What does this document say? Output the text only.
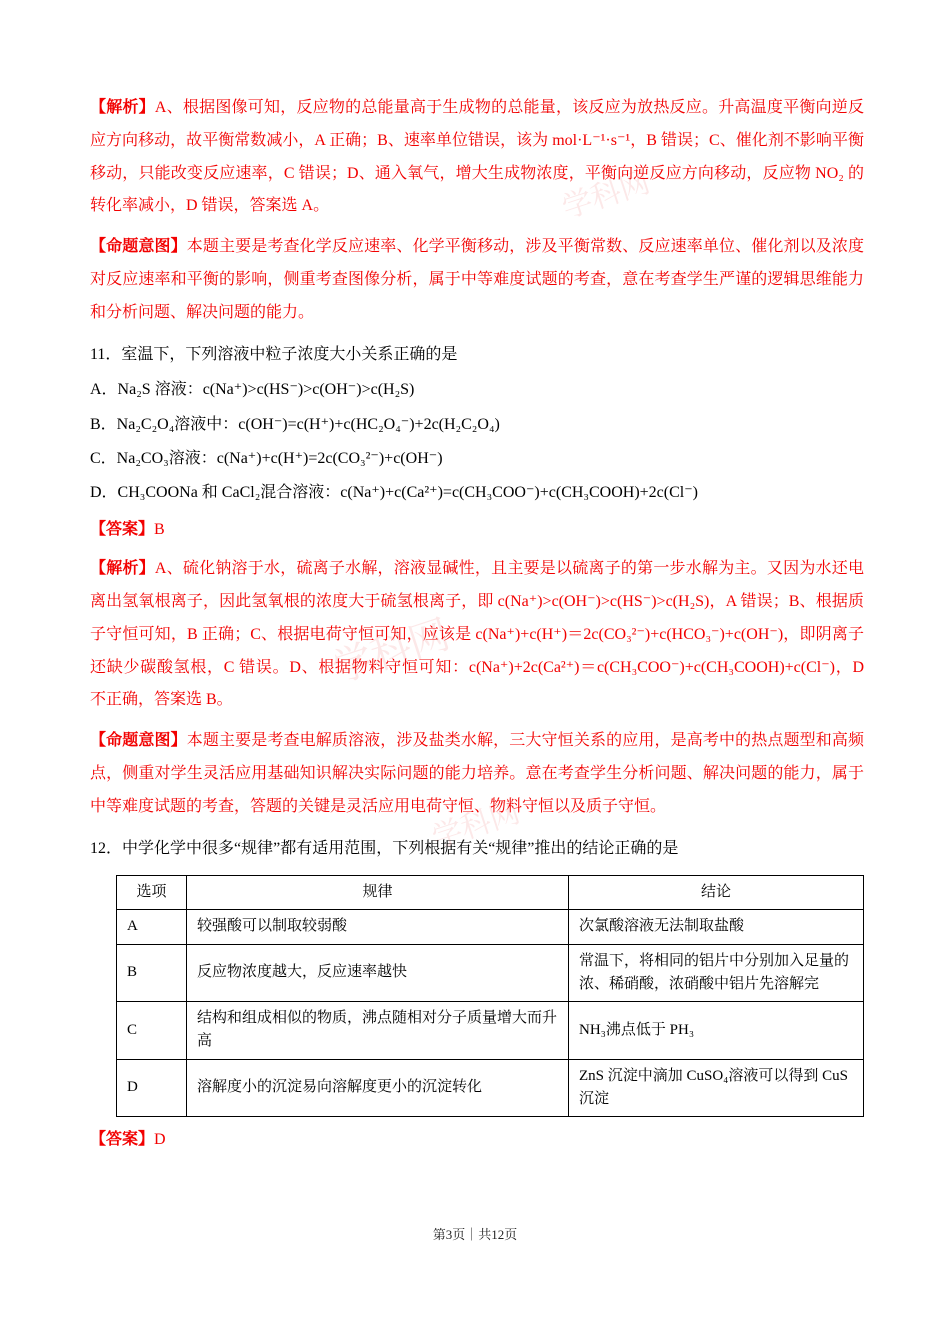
学科网
学科网
学科网

【解析】A、根据图像可知，反应物的总能量高于生成物的总能量，该反应为放热反应。升高温度平衡向逆反应方向移动，故平衡常数减小，A 正确；B、速率单位错误，该为 mol·L⁻¹·s⁻¹，B 错误；C、催化剂不影响平衡移动，只能改变反应速率，C 错误；D、通入氧气，增大生成物浓度，平衡向逆反应方向移动，反应物 NO₂ 的转化率减小，D 错误，答案选 A。

【命题意图】本题主要是考查化学反应速率、化学平衡移动，涉及平衡常数、反应速率单位、催化剂以及浓度对反应速率和平衡的影响，侧重考查图像分析，属于中等难度试题的考查，意在考查学生严谨的逻辑思维能力和分析问题、解决问题的能力。

11．室温下，下列溶液中粒子浓度大小关系正确的是

A．Na₂S 溶液：c(Na⁺)>c(HS⁻)>c(OH⁻)>c(H₂S)

B．Na₂C₂O₄溶液中：c(OH⁻)=c(H⁺)+c(HC₂O₄⁻)+2c(H₂C₂O₄)

C．Na₂CO₃溶液：c(Na⁺)+c(H⁺)=2c(CO₃²⁻)+c(OH⁻)

D．CH₃COONa 和 CaCl₂混合溶液：c(Na⁺)+c(Ca²⁺)=c(CH₃COO⁻)+c(CH₃COOH)+2c(Cl⁻)

【答案】B

【解析】A、硫化钠溶于水，硫离子水解，溶液显碱性，且主要是以硫离子的第一步水解为主。又因为水还电离出氢氧根离子，因此氢氧根的浓度大于硫氢根离子，即 c(Na⁺)>c(OH⁻)>c(HS⁻)>c(H₂S)，A 错误；B、根据质子守恒可知，B 正确；C、根据电荷守恒可知，应该是 c(Na⁺)+c(H⁺)＝2c(CO₃²⁻)+c(HCO₃⁻)+c(OH⁻)，即阴离子还缺少碳酸氢根，C 错误。D、根据物料守恒可知：c(Na⁺)+2c(Ca²⁺)＝c(CH₃COO⁻)+c(CH₃COOH)+c(Cl⁻)，D 不正确，答案选 B。

【命题意图】本题主要是考查电解质溶液，涉及盐类水解，三大守恒关系的应用，是高考中的热点题型和高频点，侧重对学生灵活应用基础知识解决实际问题的能力培养。意在考查学生分析问题、解决问题的能力，属于中等难度试题的考查，答题的关键是灵活应用电荷守恒、物料守恒以及质子守恒。

12．中学化学中很多“规律”都有适用范围，下列根据有关“规律”推出的结论正确的是

选项	规律	结论
A	较强酸可以制取较弱酸	次氯酸溶液无法制取盐酸
B	反应物浓度越大，反应速率越快	常温下，将相同的铝片中分别加入足量的浓、稀硝酸，浓硝酸中铝片先溶解完
C	结构和组成相似的物质，沸点随相对分子质量增大而升高	NH₃沸点低于 PH₃
D	溶解度小的沉淀易向溶解度更小的沉淀转化	ZnS 沉淀中滴加 CuSO₄溶液可以得到 CuS 沉淀

【答案】D

第3页｜共12页
